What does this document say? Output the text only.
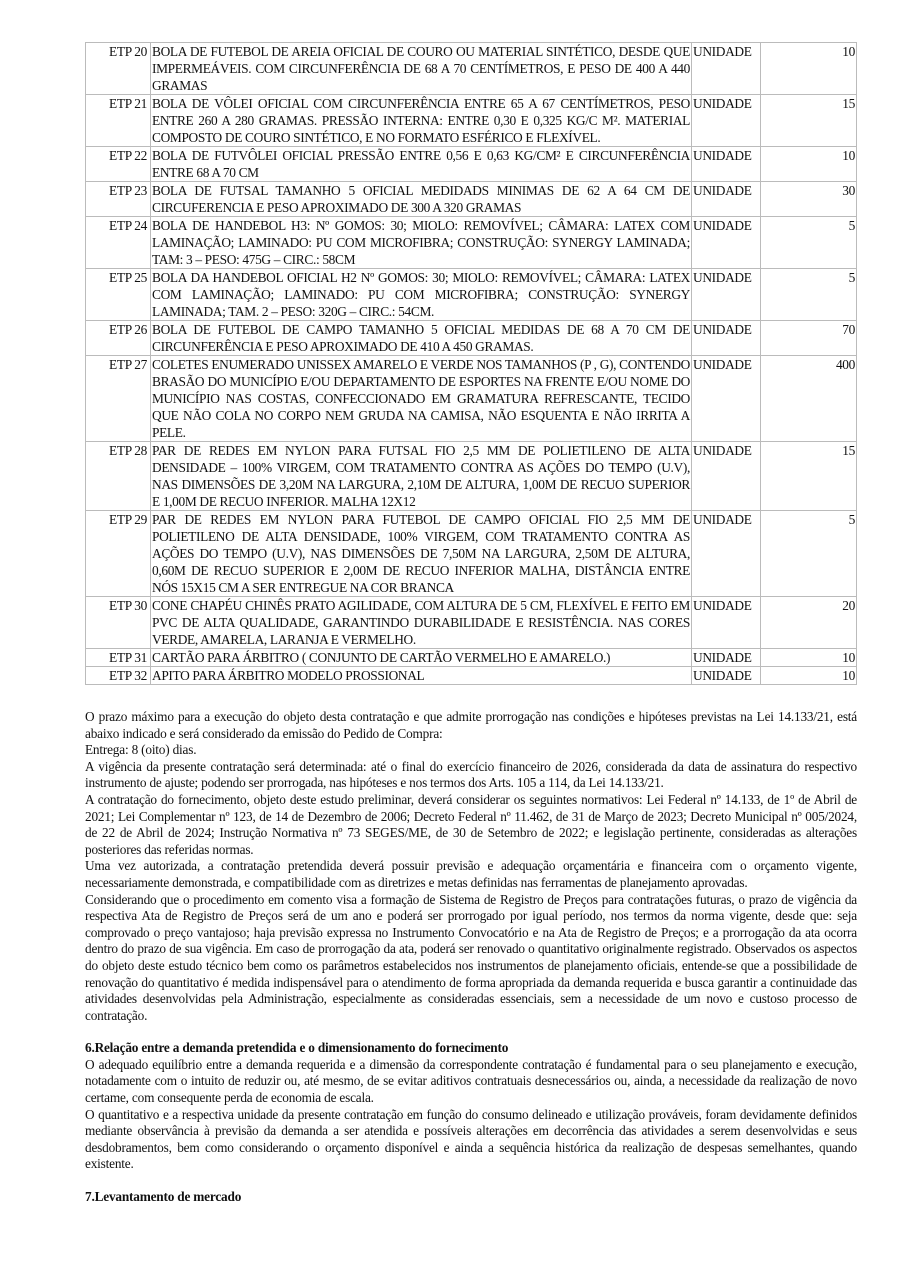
ETP 20	BOLA DE FUTEBOL DE AREIA OFICIAL DE COURO OU MATERIAL SINTÉTICO, DESDE QUE IMPERMEÁVEIS. COM CIRCUNFERÊNCIA DE 68 A 70 CENTÍMETROS, E PESO DE 400 A 440 GRAMAS	UNIDADE	10
ETP 21	BOLA DE VÔLEI OFICIAL COM CIRCUNFERÊNCIA ENTRE 65 A 67 CENTÍMETROS, PESO ENTRE 260 A 280 GRAMAS. PRESSÃO INTERNA: ENTRE 0,30 E 0,325 KG/C M². MATERIAL COMPOSTO DE COURO SINTÉTICO, E NO FORMATO ESFÉRICO E FLEXÍVEL.	UNIDADE	15
ETP 22	BOLA DE FUTVÔLEI OFICIAL PRESSÃO ENTRE 0,56 E 0,63 KG/CM² E CIRCUNFERÊNCIA ENTRE 68 A 70 CM	UNIDADE	10
ETP 23	BOLA DE FUTSAL TAMANHO 5 OFICIAL MEDIDADS MINIMAS DE 62 A 64 CM DE CIRCUFERENCIA E PESO APROXIMADO DE 300 A 320 GRAMAS	UNIDADE	30
ETP 24	BOLA DE HANDEBOL H3: Nº GOMOS: 30; MIOLO: REMOVÍVEL; CÂMARA: LATEX COM LAMINAÇÃO; LAMINADO: PU COM MICROFIBRA; CONSTRUÇÃO: SYNERGY LAMINADA; TAM: 3 – PESO: 475G – CIRC.: 58CM	UNIDADE	5
ETP 25	BOLA DA HANDEBOL OFICIAL H2 Nº GOMOS: 30; MIOLO: REMOVÍVEL; CÂMARA: LATEX COM LAMINAÇÃO; LAMINADO: PU COM MICROFIBRA; CONSTRUÇÃO: SYNERGY LAMINADA; TAM. 2 – PESO: 320G – CIRC.: 54CM.	UNIDADE	5
ETP 26	BOLA DE FUTEBOL DE CAMPO TAMANHO 5 OFICIAL MEDIDAS DE 68 A 70 CM DE CIRCUNFERÊNCIA E PESO APROXIMADO DE 410 A 450 GRAMAS.	UNIDADE	70
ETP 27	COLETES ENUMERADO UNISSEX AMARELO E VERDE NOS TAMANHOS (P , G), CONTENDO BRASÃO DO MUNICÍPIO E/OU DEPARTAMENTO DE ESPORTES NA FRENTE E/OU NOME DO MUNICÍPIO NAS COSTAS, CONFECCIONADO EM GRAMATURA REFRESCANTE, TECIDO QUE NÃO COLA NO CORPO NEM GRUDA NA CAMISA, NÃO ESQUENTA E NÃO IRRITA A PELE.	UNIDADE	400
ETP 28	PAR DE REDES EM NYLON PARA FUTSAL FIO 2,5 MM DE POLIETILENO DE ALTA DENSIDADE – 100% VIRGEM, COM TRATAMENTO CONTRA AS AÇÕES DO TEMPO (U.V), NAS DIMENSÕES DE 3,20M NA LARGURA, 2,10M DE ALTURA, 1,00M DE RECUO SUPERIOR E 1,00M DE RECUO INFERIOR. MALHA 12X12	UNIDADE	15
ETP 29	PAR DE REDES EM NYLON PARA FUTEBOL DE CAMPO OFICIAL FIO 2,5 MM DE POLIETILENO DE ALTA DENSIDADE, 100% VIRGEM, COM TRATAMENTO CONTRA AS AÇÕES DO TEMPO (U.V), NAS DIMENSÕES DE 7,50M NA LARGURA, 2,50M DE ALTURA, 0,60M DE RECUO SUPERIOR E 2,00M DE RECUO INFERIOR MALHA, DISTÂNCIA ENTRE NÓS 15X15 CM A SER ENTREGUE NA COR BRANCA	UNIDADE	5
ETP 30	CONE CHAPÉU CHINÊS PRATO AGILIDADE, COM ALTURA DE 5 CM, FLEXÍVEL E FEITO EM PVC DE ALTA QUALIDADE, GARANTINDO DURABILIDADE E RESISTÊNCIA. NAS CORES VERDE, AMARELA, LARANJA E VERMELHO.	UNIDADE	20
ETP 31	CARTÃO PARA ÁRBITRO ( CONJUNTO DE CARTÃO VERMELHO E AMARELO.)	UNIDADE	10
ETP 32	APITO PARA ÁRBITRO MODELO PROSSIONAL	UNIDADE	10

O prazo máximo para a execução do objeto desta contratação e que admite prorrogação nas condições e hipóteses previstas na Lei 14.133/21, está abaixo indicado e será considerado da emissão do Pedido de Compra:

Entrega: 8 (oito) dias.

A vigência da presente contratação será determinada: até o final do exercício financeiro de 2026, considerada da data de assinatura do respectivo instrumento de ajuste; podendo ser prorrogada, nas hipóteses e nos termos dos Arts. 105 a 114, da Lei 14.133/21.

A contratação do fornecimento, objeto deste estudo preliminar, deverá considerar os seguintes normativos: Lei Federal nº 14.133, de 1º de Abril de 2021; Lei Complementar nº 123, de 14 de Dezembro de 2006; Decreto Federal nº 11.462, de 31 de Março de 2023; Decreto Municipal nº 005/2024, de 22 de Abril de 2024; Instrução Normativa nº 73 SEGES/ME, de 30 de Setembro de 2022; e legislação pertinente, consideradas as alterações posteriores das referidas normas.

Uma vez autorizada, a contratação pretendida deverá possuir previsão e adequação orçamentária e financeira com o orçamento vigente, necessariamente demonstrada, e compatibilidade com as diretrizes e metas definidas nas ferramentas de planejamento aprovadas.

Considerando que o procedimento em comento visa a formação de Sistema de Registro de Preços para contratações futuras, o prazo de vigência da respectiva Ata de Registro de Preços será de um ano e poderá ser prorrogado por igual período, nos termos da norma vigente, desde que: seja comprovado o preço vantajoso; haja previsão expressa no Instrumento Convocatório e na Ata de Registro de Preços; e a prorrogação da ata ocorra dentro do prazo de sua vigência. Em caso de prorrogação da ata, poderá ser renovado o quantitativo originalmente registrado. Observados os aspectos do objeto deste estudo técnico bem como os parâmetros estabelecidos nos instrumentos de planejamento oficiais, entende-se que a possibilidade de renovação do quantitativo é medida indispensável para o atendimento de forma apropriada da demanda requerida e busca garantir a continuidade das atividades desenvolvidas pela Administração, especialmente as consideradas essenciais, sem a necessidade de um novo e custoso processo de contratação.

6.Relação entre a demanda pretendida e o dimensionamento do fornecimento

O adequado equilíbrio entre a demanda requerida e a dimensão da correspondente contratação é fundamental para o seu planejamento e execução, notadamente com o intuito de reduzir ou, até mesmo, de se evitar aditivos contratuais desnecessários ou, ainda, a necessidade da realização de novo certame, com consequente perda de economia de escala.

O quantitativo e a respectiva unidade da presente contratação em função do consumo delineado e utilização prováveis, foram devidamente definidos mediante observância à previsão da demanda a ser atendida e possíveis alterações em decorrência das atividades a serem desenvolvidas e seus desdobramentos, bem como considerando o orçamento disponível e ainda a sequência histórica da realização de despesas semelhantes, quando existente.

7.Levantamento de mercado
